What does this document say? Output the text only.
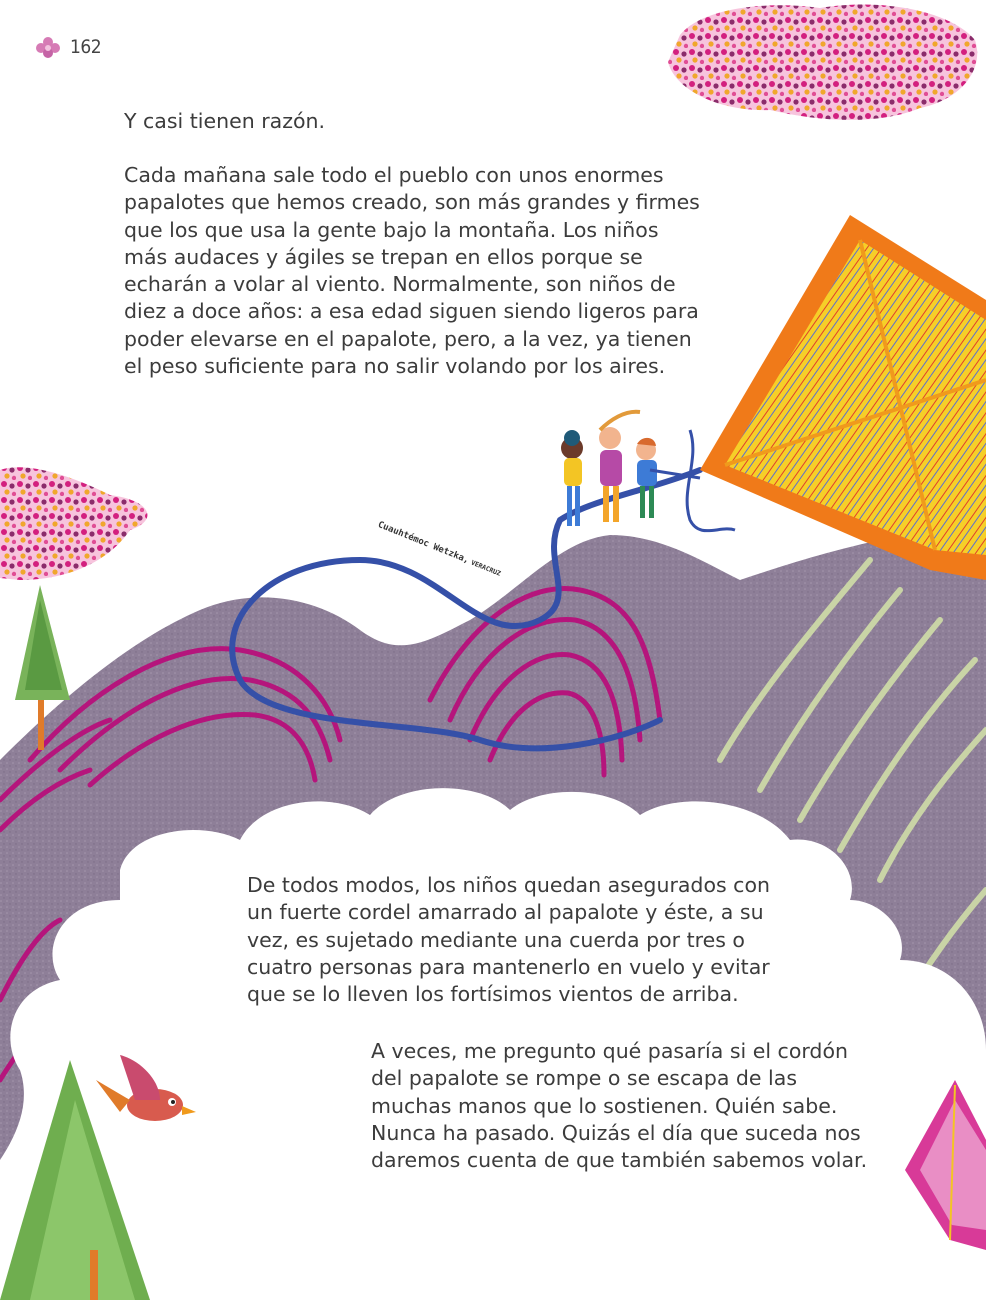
162

Y casi tienen razón.

Cada mañana sale todo el pueblo con unos enormes
papalotes que hemos creado, son más grandes y firmes
que los que usa la gente bajo la montaña. Los niños
más audaces y ágiles se trepan en ellos porque se
echarán a volar al viento. Normalmente, son niños de
diez a doce años: a esa edad siguen siendo ligeros para
poder elevarse en el papalote, pero, a la vez, ya tienen
el peso suficiente para no salir volando por los aires.

Cuauhtémoc Wetzka,VERACRUZ

De todos modos, los niños quedan asegurados con
un fuerte cordel amarrado al papalote y éste, a su
vez, es sujetado mediante una cuerda por tres o
cuatro personas para mantenerlo en vuelo y evitar
que se lo lleven los fortísimos vientos de arriba.

A veces, me pregunto qué pasaría si el cordón
del papalote se rompe o se escapa de las
muchas manos que lo sostienen. Quién sabe.
Nunca ha pasado. Quizás el día que suceda nos
daremos cuenta de que también sabemos volar.
